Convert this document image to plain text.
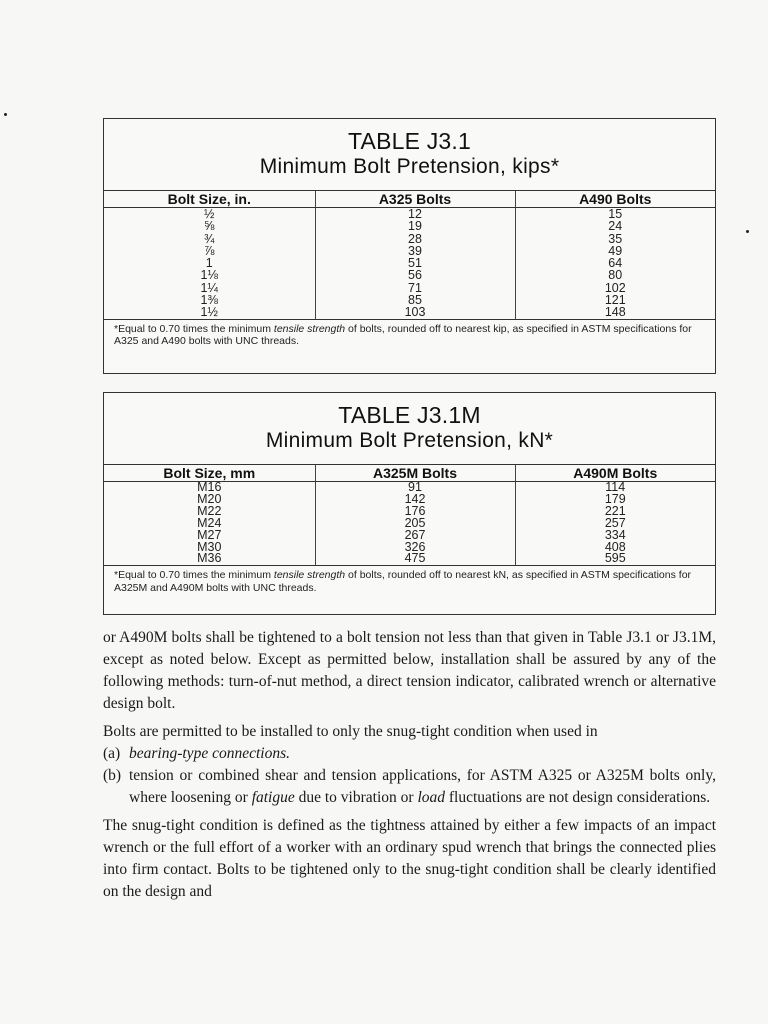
TABLE J3.1
Minimum Bolt Pretension, kips*
Bolt Size, in.	A325 Bolts	A490 Bolts
½	12	15
⅝	19	24
¾	28	35
⅞	39	49
1	51	64
1⅛	56	80
1¼	71	102
1⅜	85	121
1½	103	148
*Equal to 0.70 times the minimum tensile strength of bolts, rounded off to nearest kip, as specified in ASTM specifications for A325 and A490 bolts with UNC threads.
TABLE J3.1M
Minimum Bolt Pretension, kN*
Bolt Size, mm	A325M Bolts	A490M Bolts
M16	91	114
M20	142	179
M22	176	221
M24	205	257
M27	267	334
M30	326	408
M36	475	595
*Equal to 0.70 times the minimum tensile strength of bolts, rounded off to nearest kN, as specified in ASTM specifications for A325M and A490M bolts with UNC threads.

or A490M bolts shall be tightened to a bolt tension not less than that given in Table J3.1 or J3.1M, except as noted below. Except as permitted below, installation shall be assured by any of the following methods: turn-of-nut method, a direct tension indicator, calibrated wrench or alternative design bolt.

Bolts are permitted to be installed to only the snug-tight condition when used in

(a) bearing-type connections.
(b) tension or combined shear and tension applications, for ASTM A325 or A325M bolts only, where loosening or fatigue due to vibration or load fluctuations are not design considerations.

The snug-tight condition is defined as the tightness attained by either a few impacts of an impact wrench or the full effort of a worker with an ordinary spud wrench that brings the connected plies into firm contact. Bolts to be tightened only to the snug-tight condition shall be clearly identified on the design and
